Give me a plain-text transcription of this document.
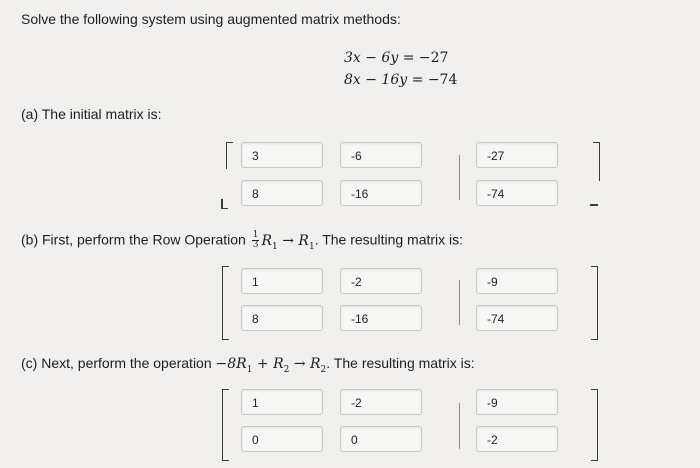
Solve the following system using augmented matrix methods:
3x − 6y = −27
8x − 16y = −74
(a) The initial matrix is:
3	-6	-27
8	-16	-74
(b) First, perform the Row Operation $\frac{1}{3} R_1 \to R_1$. The resulting matrix is:
1	-2	-9
8	-16	-74
(c) Next, perform the operation $-8R_1 + R_2 \to R_2$. The resulting matrix is:
1	-2	-9
0	0	-2
